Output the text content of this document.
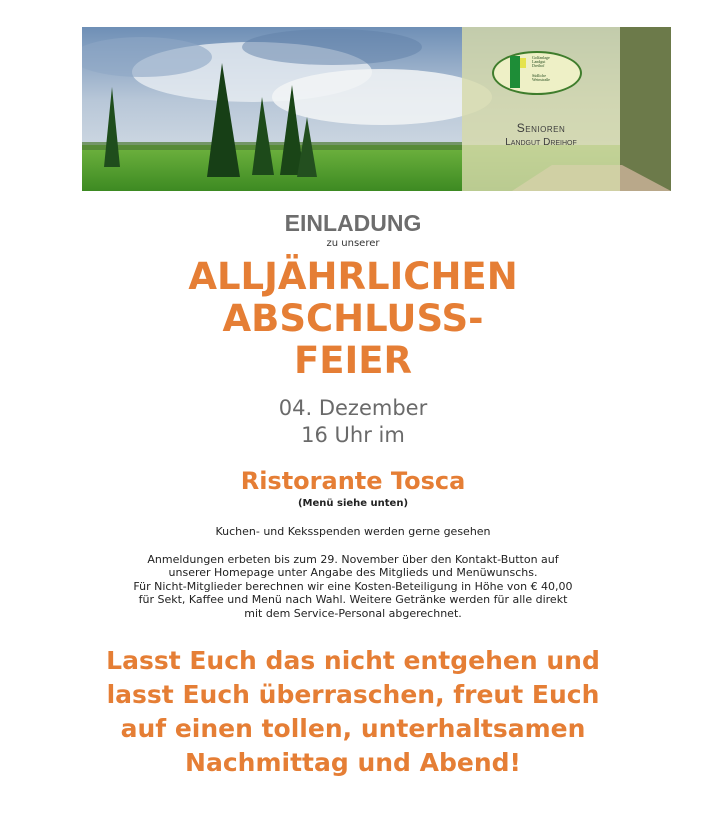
Golfanlage
Landgut
Dreihof
Südliche
Weinstraße
Senioren
Landgut Dreihof
EINLADUNG
zu unserer
ALLJÄHRLICHEN
ABSCHLUSS-
FEIER
04. Dezember
16 Uhr im
Ristorante Tosca
(Menü siehe unten)
Kuchen- und Keksspenden werden gerne gesehen
Anmeldungen erbeten bis zum 29. November über den Kontakt-Button auf
unserer Homepage unter Angabe des Mitglieds und Menüwunschs.
Für Nicht-Mitglieder berechnen wir eine Kosten-Beteiligung in Höhe von € 40,00
für Sekt, Kaffee und Menü nach Wahl. Weitere Getränke werden für alle direkt
mit dem Service-Personal abgerechnet.
Lasst Euch das nicht entgehen und
lasst Euch überraschen, freut Euch
auf einen tollen, unterhaltsamen
Nachmittag und Abend!
